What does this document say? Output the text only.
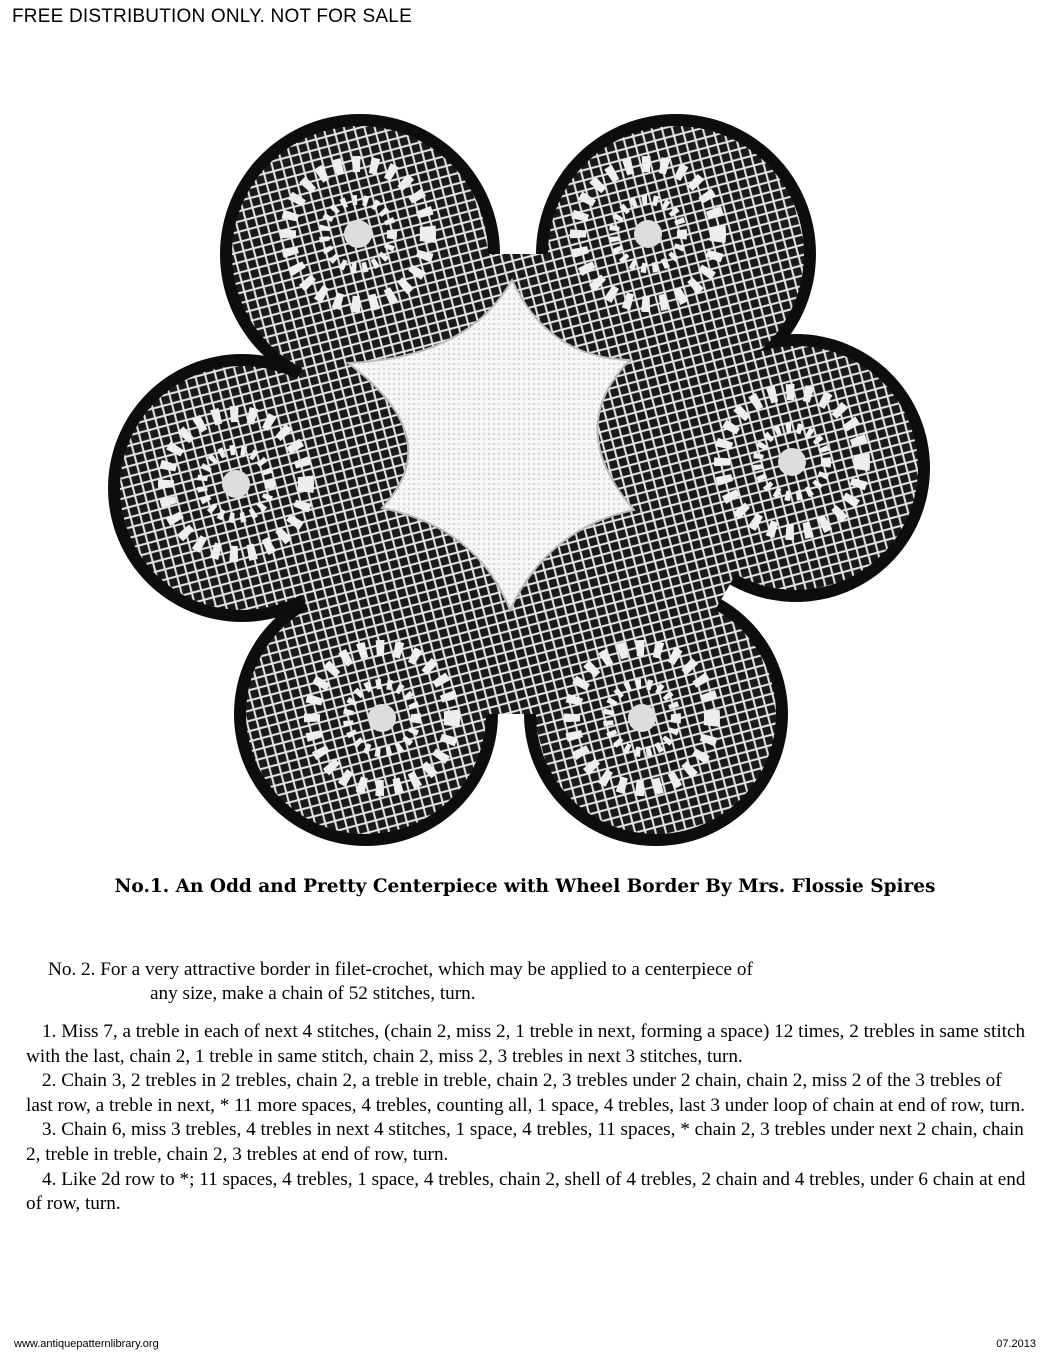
FREE DISTRIBUTION ONLY. NOT FOR SALE
No.1. An Odd and Pretty Centerpiece with Wheel Border By Mrs. Flossie Spires
No. 2. For a very attractive border in filet-crochet, which may be applied to a centerpiece of
any size, make a chain of 52 stitches, turn.

1. Miss 7, a treble in each of next 4 stitches, (chain 2, miss 2, 1 treble in next, forming a space) 12 times, 2 trebles in same stitch with the last, chain 2, 1 treble in same stitch, chain 2, miss 2, 3 trebles in next 3 stitches, turn.

2. Chain 3, 2 trebles in 2 trebles, chain 2, a treble in treble, chain 2, 3 trebles under 2 chain, chain 2, miss 2 of the 3 trebles of last row, a treble in next, * 11 more spaces, 4 trebles, counting all, 1 space, 4 trebles, last 3 under loop of chain at end of row, turn.

3. Chain 6, miss 3 trebles, 4 trebles in next 4 stitches, 1 space, 4 trebles, 11 spaces, * chain 2, 3 trebles under next 2 chain, chain 2, treble in treble, chain 2, 3 trebles at end of row, turn.

4. Like 2d row to *; 11 spaces, 4 trebles, 1 space, 4 trebles, chain 2, shell of 4 trebles, 2 chain and 4 trebles, under 6 chain at end of row, turn.

www.antiquepatternlibrary.org	07.2013
